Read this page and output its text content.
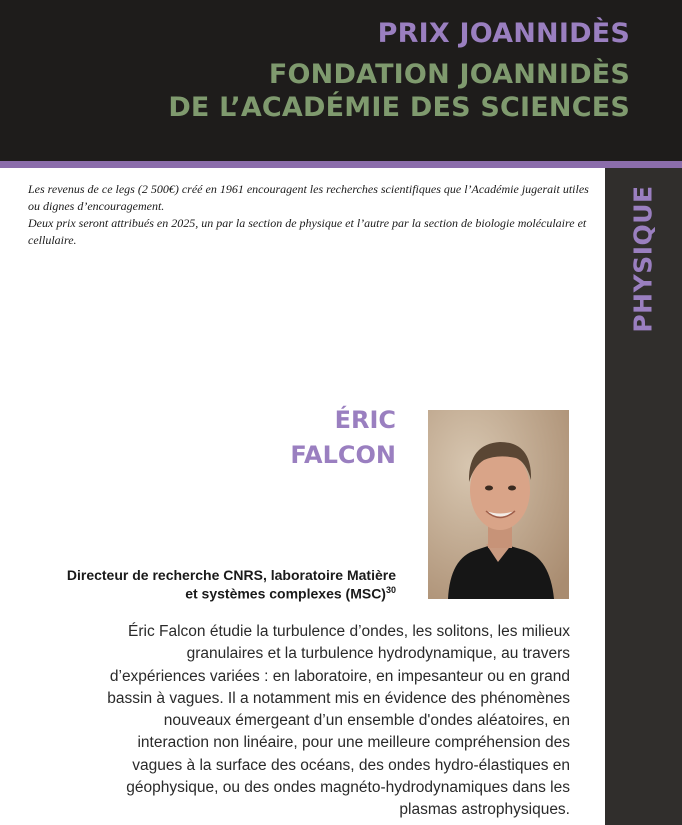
PRIX JOANNIDÈS
FONDATION JOANNIDÈS
DE L’ACADÉMIE DES SCIENCES
PHYSIQUE

Les revenus de ce legs (2 500€) créé en 1961 encouragent les recherches scientifiques que l’Académie jugerait utiles ou dignes d’encouragement.

Deux prix seront attribués en 2025, un par la section de physique et l’autre par la section de biologie moléculaire et cellulaire.

ÉRIC
FALCON
Directeur de recherche CNRS, laboratoire Matière
et systèmes complexes (MSC)$^{30}$
Éric Falcon étudie la turbulence d’ondes, les solitons, les milieux
granulaires et la turbulence hydrodynamique, au travers
d’expériences variées : en laboratoire, en impesanteur ou en grand
bassin à vagues. Il a notamment mis en évidence des phénomènes
nouveaux émergeant d’un ensemble d'ondes aléatoires, en
interaction non linéaire, pour une meilleure compréhension des
vagues à la surface des océans, des ondes hydro-élastiques en
géophysique, ou des ondes magnéto-hydrodynamiques dans les
plasmas astrophysiques.
